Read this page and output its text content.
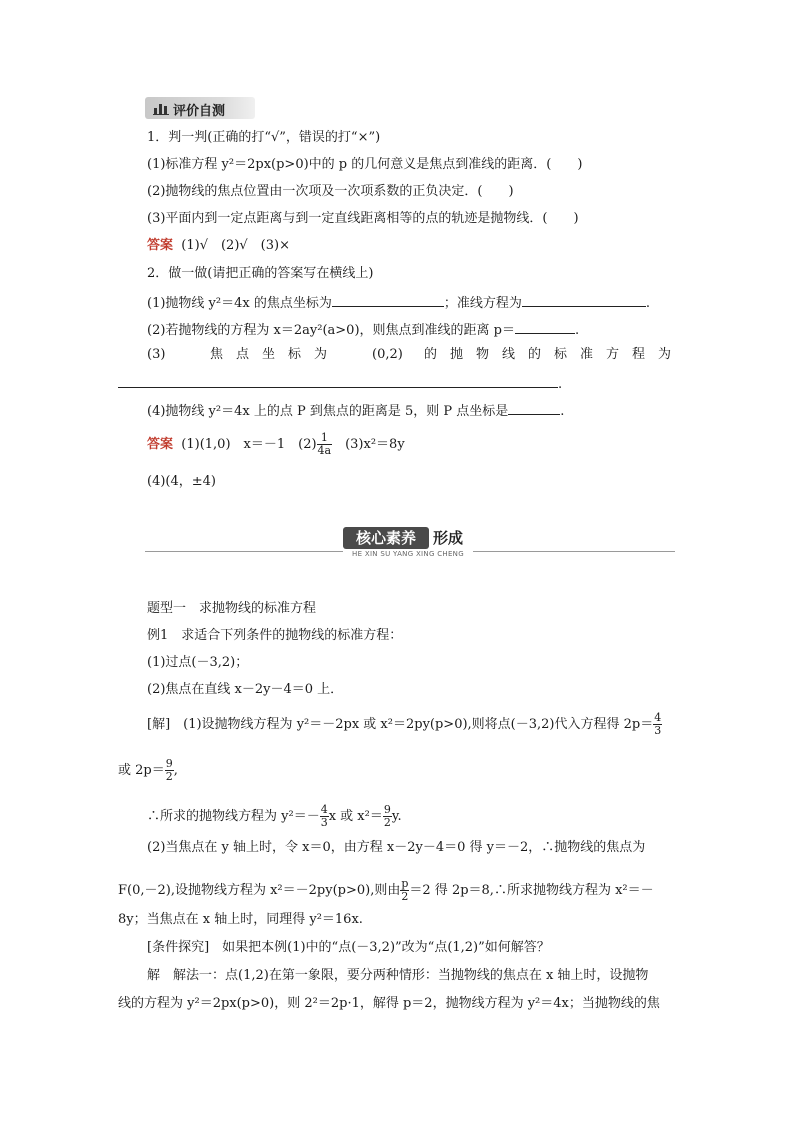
评价自测
1．判一判(正确的打“√”，错误的打“×”)
(1)标准方程 y²＝2px(p>0)中的 p 的几何意义是焦点到准线的距离．(　　)
(2)抛物线的焦点位置由一次项及一次项系数的正负决定．(　　)
(3)平面内到一定点距离与到一定直线距离相等的点的轨迹是抛物线．(　　)
答案 (1)√　(2)√　(3)×
2．做一做(请把正确的答案写在横线上)
(1)抛物线 y²＝4x 的焦点坐标为	；准线方程为	.
(2)若抛物线的方程为 x＝2ay²(a>0)，则焦点到准线的距离 p＝	.
(3)	焦　点　坐　标　为	(0,2) 的　抛　物　线　的　标　准　方　程　为
.
(4)抛物线 y²＝4x 上的点 P 到焦点的距离是 5，则 P 点坐标是	.
答案 (1)(1,0)　x＝－1　$(2) \frac{1}{4a}$ 　(3)x²＝8y
(4)(4，±4)
核心素养	形成
HE XIN SU YANG XING CHENG
题型一　求抛物线的标准方程
例1　求适合下列条件的抛物线的标准方程：
(1)过点(－3,2)；
(2)焦点在直线 x－2y－4＝0 上．
[解]　(1)设抛物线方程为 y²＝－2px 或 x²＝2py(p>0),则将点(－3,2)代入方程得 $2p= \frac{4}{3}$
或 $2p= \frac{9}{2}$ ,
∴所求的抛物线方程为 $y^2=- \frac{4}{3}$ x 或 $x^2= \frac{9}{2} y$.
(2)当焦点在 y 轴上时，令 x＝0，由方程 x－2y－4＝0 得 y＝－2，∴抛物线的焦点为
F(0,－2),设抛物线方程为 x²＝－2py(p>0),则由 $\frac{p}{2} =2$ 得 2p＝8,∴所求抛物线方程为 x²＝－
8y；当焦点在 x 轴上时，同理得 y²＝16x.
[条件探究]　如果把本例(1)中的“点(－3,2)”改为“点(1,2)”如何解答？
解　解法一：点(1,2)在第一象限，要分两种情形：当抛物线的焦点在 x 轴上时，设抛物
线的方程为 y²＝2px(p>0)，则 2²＝2p·1，解得 p＝2，抛物线方程为 y²＝4x；当抛物线的焦
